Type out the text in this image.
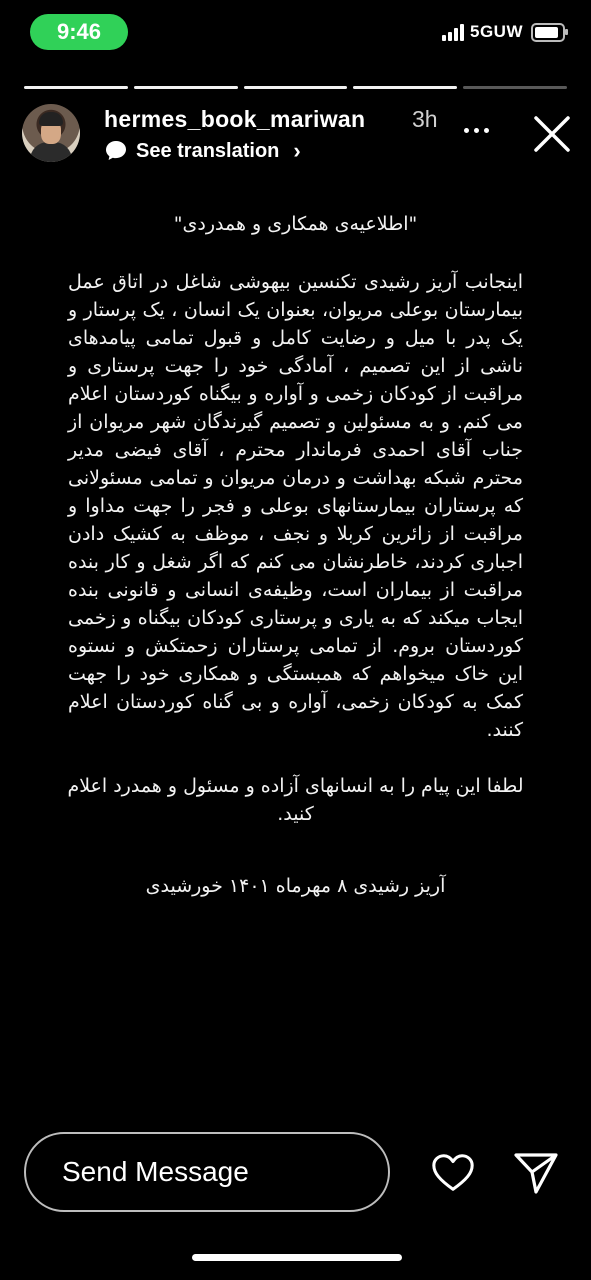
9:46	5GUW
hermes_book_mariwan 3h
See translation ›

"اطلاعیه‌ی همکاری و همدردی"

اینجانب آریز رشیدی تکنسین بیهوشی شاغل در اتاق عمل بیمارستان بوعلی مریوان، بعنوان یک انسان ، یک پرستار و یک پدر با میل و رضایت کامل و قبول تمامی پیامدهای ناشی از این تصمیم ، آمادگی خود را جهت پرستاری و مراقبت از کودکان زخمی و آواره و بیگناه کوردستان اعلام می کنم. و به مسئولین و تصمیم گیرندگان شهر مریوان از جناب آقای احمدی فرماندار محترم ، آقای فیضی مدیر محترم شبکه بهداشت و درمان مریوان و تمامی مسئولانی که پرستاران بیمارستانهای بوعلی و فجر را جهت مداوا و مراقبت از زائرین کربلا و نجف ، موظف به کشیک دادن اجباری کردند، خاطرنشان می کنم که اگر شغل و کار بنده مراقبت از بیماران است، وظیفه‌ی انسانی و قانونی بنده ایجاب میکند که به یاری و پرستاری کودکان بیگناه و زخمی کوردستان بروم. از تمامی پرستاران زحمتکش و نستوه این خاک میخواهم که همبستگی و همکاری خود را جهت کمک به کودکان زخمی، آواره و بی گناه کوردستان اعلام کنند.

لطفا این پیام را به انسانهای آزاده و مسئول و همدرد اعلام کنید.

آریز رشیدی ۸ مهرماه ۱۴۰۱ خورشیدی

Send Message
